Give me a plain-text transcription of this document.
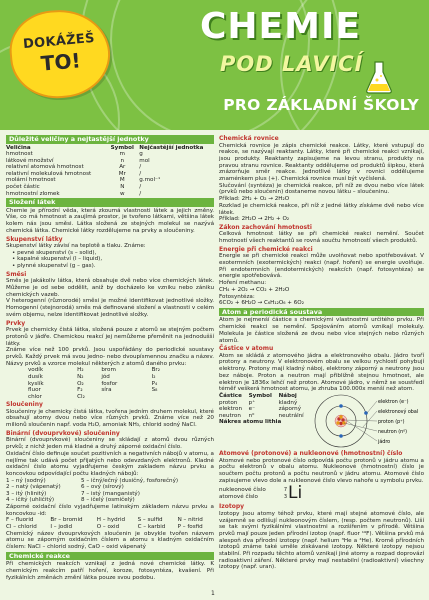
DOKÁŽEŠ
TO!
CHEMIE
POD LAVICÍ
PRO ZÁKLADNÍ ŠKOLY
Důležité veličiny a nejtastější jednotky
Veličina	Symbol	Nejčastější jednotka
hmotnost	m	g
látkové množství	n	mol
relativní atomová hmotnost	Ar	/
relativní molekulová hmotnost	Mr	/
molární hmotnost	M	g.mol⁻¹
počet částic	N	/
hmotnostní zlomek	w	/
Složení látek

Chemie je přírodní věda, která zkoumá vlastnosti látek a jejich změny. Vše, co má hmotnost a zaujímá prostor, je tvořeno látkami, většina látek kolem nás jsou směsi. Látka složená ze stejných molekul se nazývá chemická látka. Chemické látky rozdělujeme na prvky a sloučeniny.

Skupenství látky

Skupenství látky závisí na teplotě a tlaku. Známe:

• pevné skupenství (s – solid),

• kapalné skupenství (l – liquid),

• plynné skupenství (g – gas).

Směsi

Směs je jakákoliv látka, která obsahuje dvě nebo více chemických látek. Můžeme je od sebe oddělit, aniž by docházelo ke vzniku nebo zániku chemických vazeb.

V heterogenní (různorodé) směsi je možné identifikovat jednotlivé složky. Homogenní (stejnorodá) směs má definované složení a vlastnosti v celém svém objemu, nelze identifikovat jednotlivé složky.

Prvky

Prvek je chemicky čistá látka, složená pouze z atomů se stejným počtem protonů v jádře. Chemickou reakcí jej nemůžeme přeměnit na jednodušší látky.

Známe více než 100 prvků. Jsou uspořádány do periodické soustavy prvků. Každý prvek má svou jedno- nebo dvoupísmennou značku a název. Názvy prvků a vzorce molekul některých z atomů daného prvku:

vodík	H₂	brom	Br₂
dusík	N₂	jód	I₂
kyslík	O₂	fosfor	P₄
fluor	F₂	síra	S₈
chlor	Cl₂		
Sloučeniny

Sloučeniny je chemicky čistá látka, tvořena jedním druhem molekul, které obsahují atomy dvou nebo více různých prvků. Známe více než 20 milionů sloučenin např. voda H₂O, amoniak NH₃, chlorid sodný NaCl.

Binární (dvouprvkové) sloučeniny

Binární (dvouprvkové) sloučeniny se skládají z atomů dvou různých prvků; z nichž jeden má kladné a druhý záporné oxidační číslo.

Oxidační číslo definuje součet pozitivních a negativních nábojů v atomu, a nejlíme tak udává počet přijatých nebo odevzdaných elektronů. Kladné oxidační čislo atomu vyjadřujeme českým zakladem názvu prvku a koncovkou odpovídající počtu kladných nábojů:

1 – ný (sodný)	5 – ičný/ečný (dusičný, fosforečný)
2 – natý (vápenatý)	6 – ový (sírový)
3 – itý (hlinitý)	7 – istý (manganistý)
4 – ičitý (uhličitý)	8 – ičelý (osmičelý)

Záporné oxidační číslo vyjadřujeme latinským základem názvu prvku a koncovkou -id:

F – fluorid	Br – bromid	H – hydrid	S – sulfid	N – nitrid
Cl – chlorid	I – jodid	O – oxid	C – karbid	P – fosfid

Chemický název dvouprvkových sloučenin je obvykle tvořen názvem atomu se záporným oxidačním číslem a atomu s kladným oxidačním číslem: NaCl – chlorid sodný, CaO – oxid vápenatý

Chemické reakce

Při chemických reakcích vznikají z jedná nové chemické látky. K chemickým reakcím patří hoření, koroze, fotosyntéza, kvašení. Při fyzikálních změnách změní látka pouze svou podobu.

Chemická rovnice

Chemická rovnice je zápis chemické reakce. Látky, které vstupují do reakce, se nazývají reaktanty. Látky, které při chemické reakci vznikají, jsou produkty. Reaktanty zapisujeme na levou stranu, produkty na pravou stranu rovnice. Reaktanty oddělujeme od produktů šipkou, která znázorňuje směr reakce. Jednotlivé látky v rovnici oddělujeme znaménkem plus (+). Chemická rovnice musí být vyčíslená.

Slučování (syntéza) je chemická reakce, při níž ze dvou nebo více látek (prvků nebo sloučenin) dostaneme novou látku – sloučeninu.

Příklad: 2H₂ + O₂ → 2H₂O

Rozklad je chemická reakce, při níž z jedné látky získáme dvě nebo více látek.

Příklad: 2H₂O → 2H₂ + O₂

Zákon zachování hmotnosti

Celková hmotnost látky se při chemické reakci nemění. Součet hmotností všech reaktantů se rovná součtu hmotností všech produktů.

Energie při chemické reakci

Energie se při chemické reakci může uvolňovat nebo spotřebovávat. V exotermních (exotermických) reakci (např. hoření) se energie uvolňuje. Při endotermních (endotermických) reakcích (např. fotosyntéza) se energie spotřebovává.

Hoření methanu:

CH₄ + 2O₂ → CO₂ + 2H₂O

Fotosyntéza:

6CO₂ + 6H₂O → C₆H₁₂O₆ + 6O₂

Atom a periodická soustava

Atom je nejmenší částice s chemickými vlastnostmi určitého prvku. Při chemické reakci se nemění. Spojováním atomů vznikají molekuly. Molekula je částice složená ze dvou nebo více stejných nebo různých atomů.

Částice v atomu

Atom se skládá z atomového jádra a elektronového obalu. Jádro tvoří protony a neutrony. V elektronovém obalu se velkou rychlostí pohybují elektrony. Protony mají kladný náboj, elektrony záporný a neutrony jsou bez náboje. Proton a neutron mají přibližně stejnou hmotnost, ale elektron je 1836x lehčí než proton. Atomové jádro, v němž se soustředí téměř veškerá hmotnost atomu, je zhruba 100.000x menší než atom.

Částice	Symbol	Náboj
proton	p⁺	kladný
elektron	e⁻	záporný
neutron	n⁰	neutrální

Nákres atomu lithia

elektron (e⁻)
elektronový obal
proton (p⁺)
neutron (n⁰)
jádro
Atomové (protonové) a nukleonové (hmotnostní) číslo

Atomové nebo protonové číslo odpovídá počtu protonů v jádru atomu a počtu elektronů v obalu atomu. Nukleonové (hmotnostní) číslo je součtem počtu protonů a počtu neutronů v jádru atomu. Atomové číslo zapisujeme vlevo dole a nukleonové číslo vlevo nahoře u symbolu prvku.

nukleonové číslo
atomové číslo
7
3 Li
Izotopy

Izotopy jsou atomy téhož prvku, které mají stejné atomové číslo, ale vzájemně se odlišují nukleonovým číslem, (resp. počtem neutronů). Liší se tak svými fyzikálními vlastnostmi a rozšířením v přírodě. Většina prvků mají pouze jeden přírodní izotop (např. fluor ¹⁹F). Většina prvků má alespoň dva přírodní izotopy (např. helium ³He a ⁴He). Kromě přírodních izotopů známe také uměle získávané izotopy. Některé izotopy nejsou stabilní. Při rozpadu těchto atomů vznikají jiné atomy a rozpad doprovází radioaktivní záření. Některé prvky mají nestabilní (radioaktivní) všechny izotopy (např. uran).

1
